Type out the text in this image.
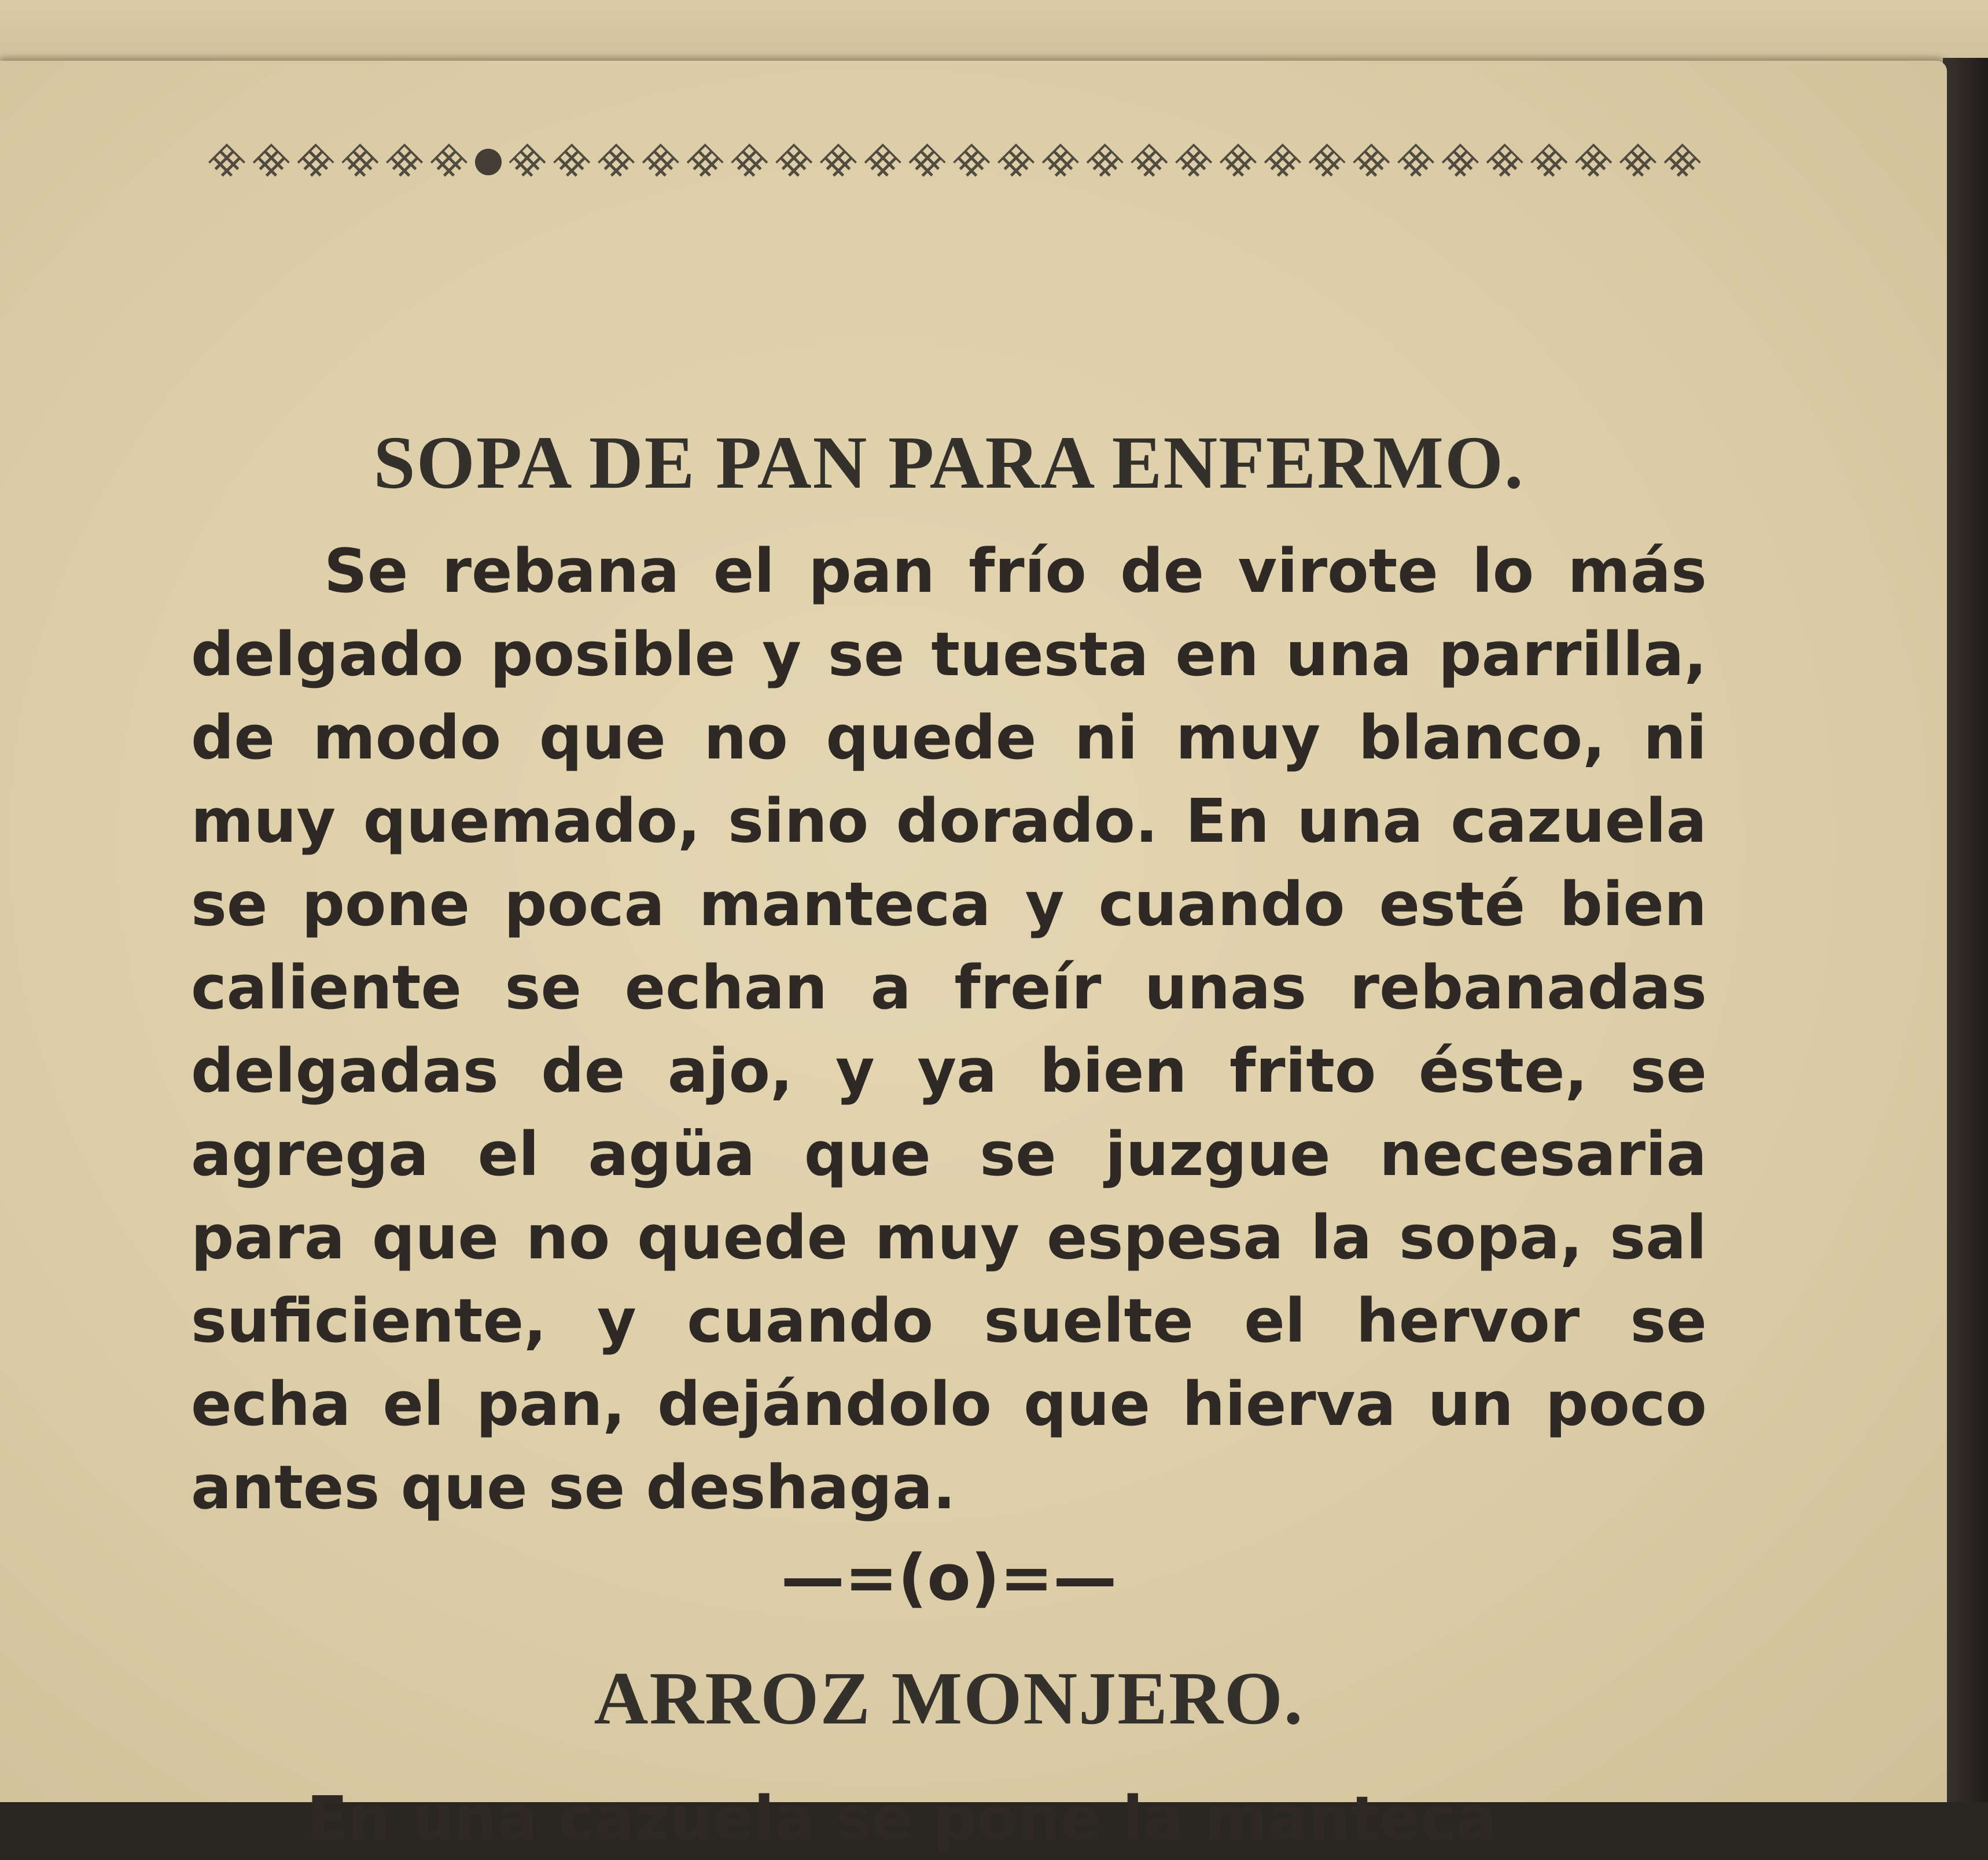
SOPA DE PAN PARA ENFERMO.

Se rebana el pan frío de virote lo más delgado posible y se tuesta en una parrilla, de modo que no quede ni muy blanco, ni muy quemado, sino dorado. En una cazuela se pone poca manteca y cuando esté bien caliente se echan a freír unas rebanadas delgadas de ajo, y ya bien frito éste, se agrega el agüa que se juzgue necesaria para que no quede muy espesa la sopa, sal suficiente, y cuando suelte el hervor se echa el pan, dejándolo que hierva un poco antes que se deshaga.

—=(o)=—
ARROZ MONJERO.

En una cazuela se pone la manteca
